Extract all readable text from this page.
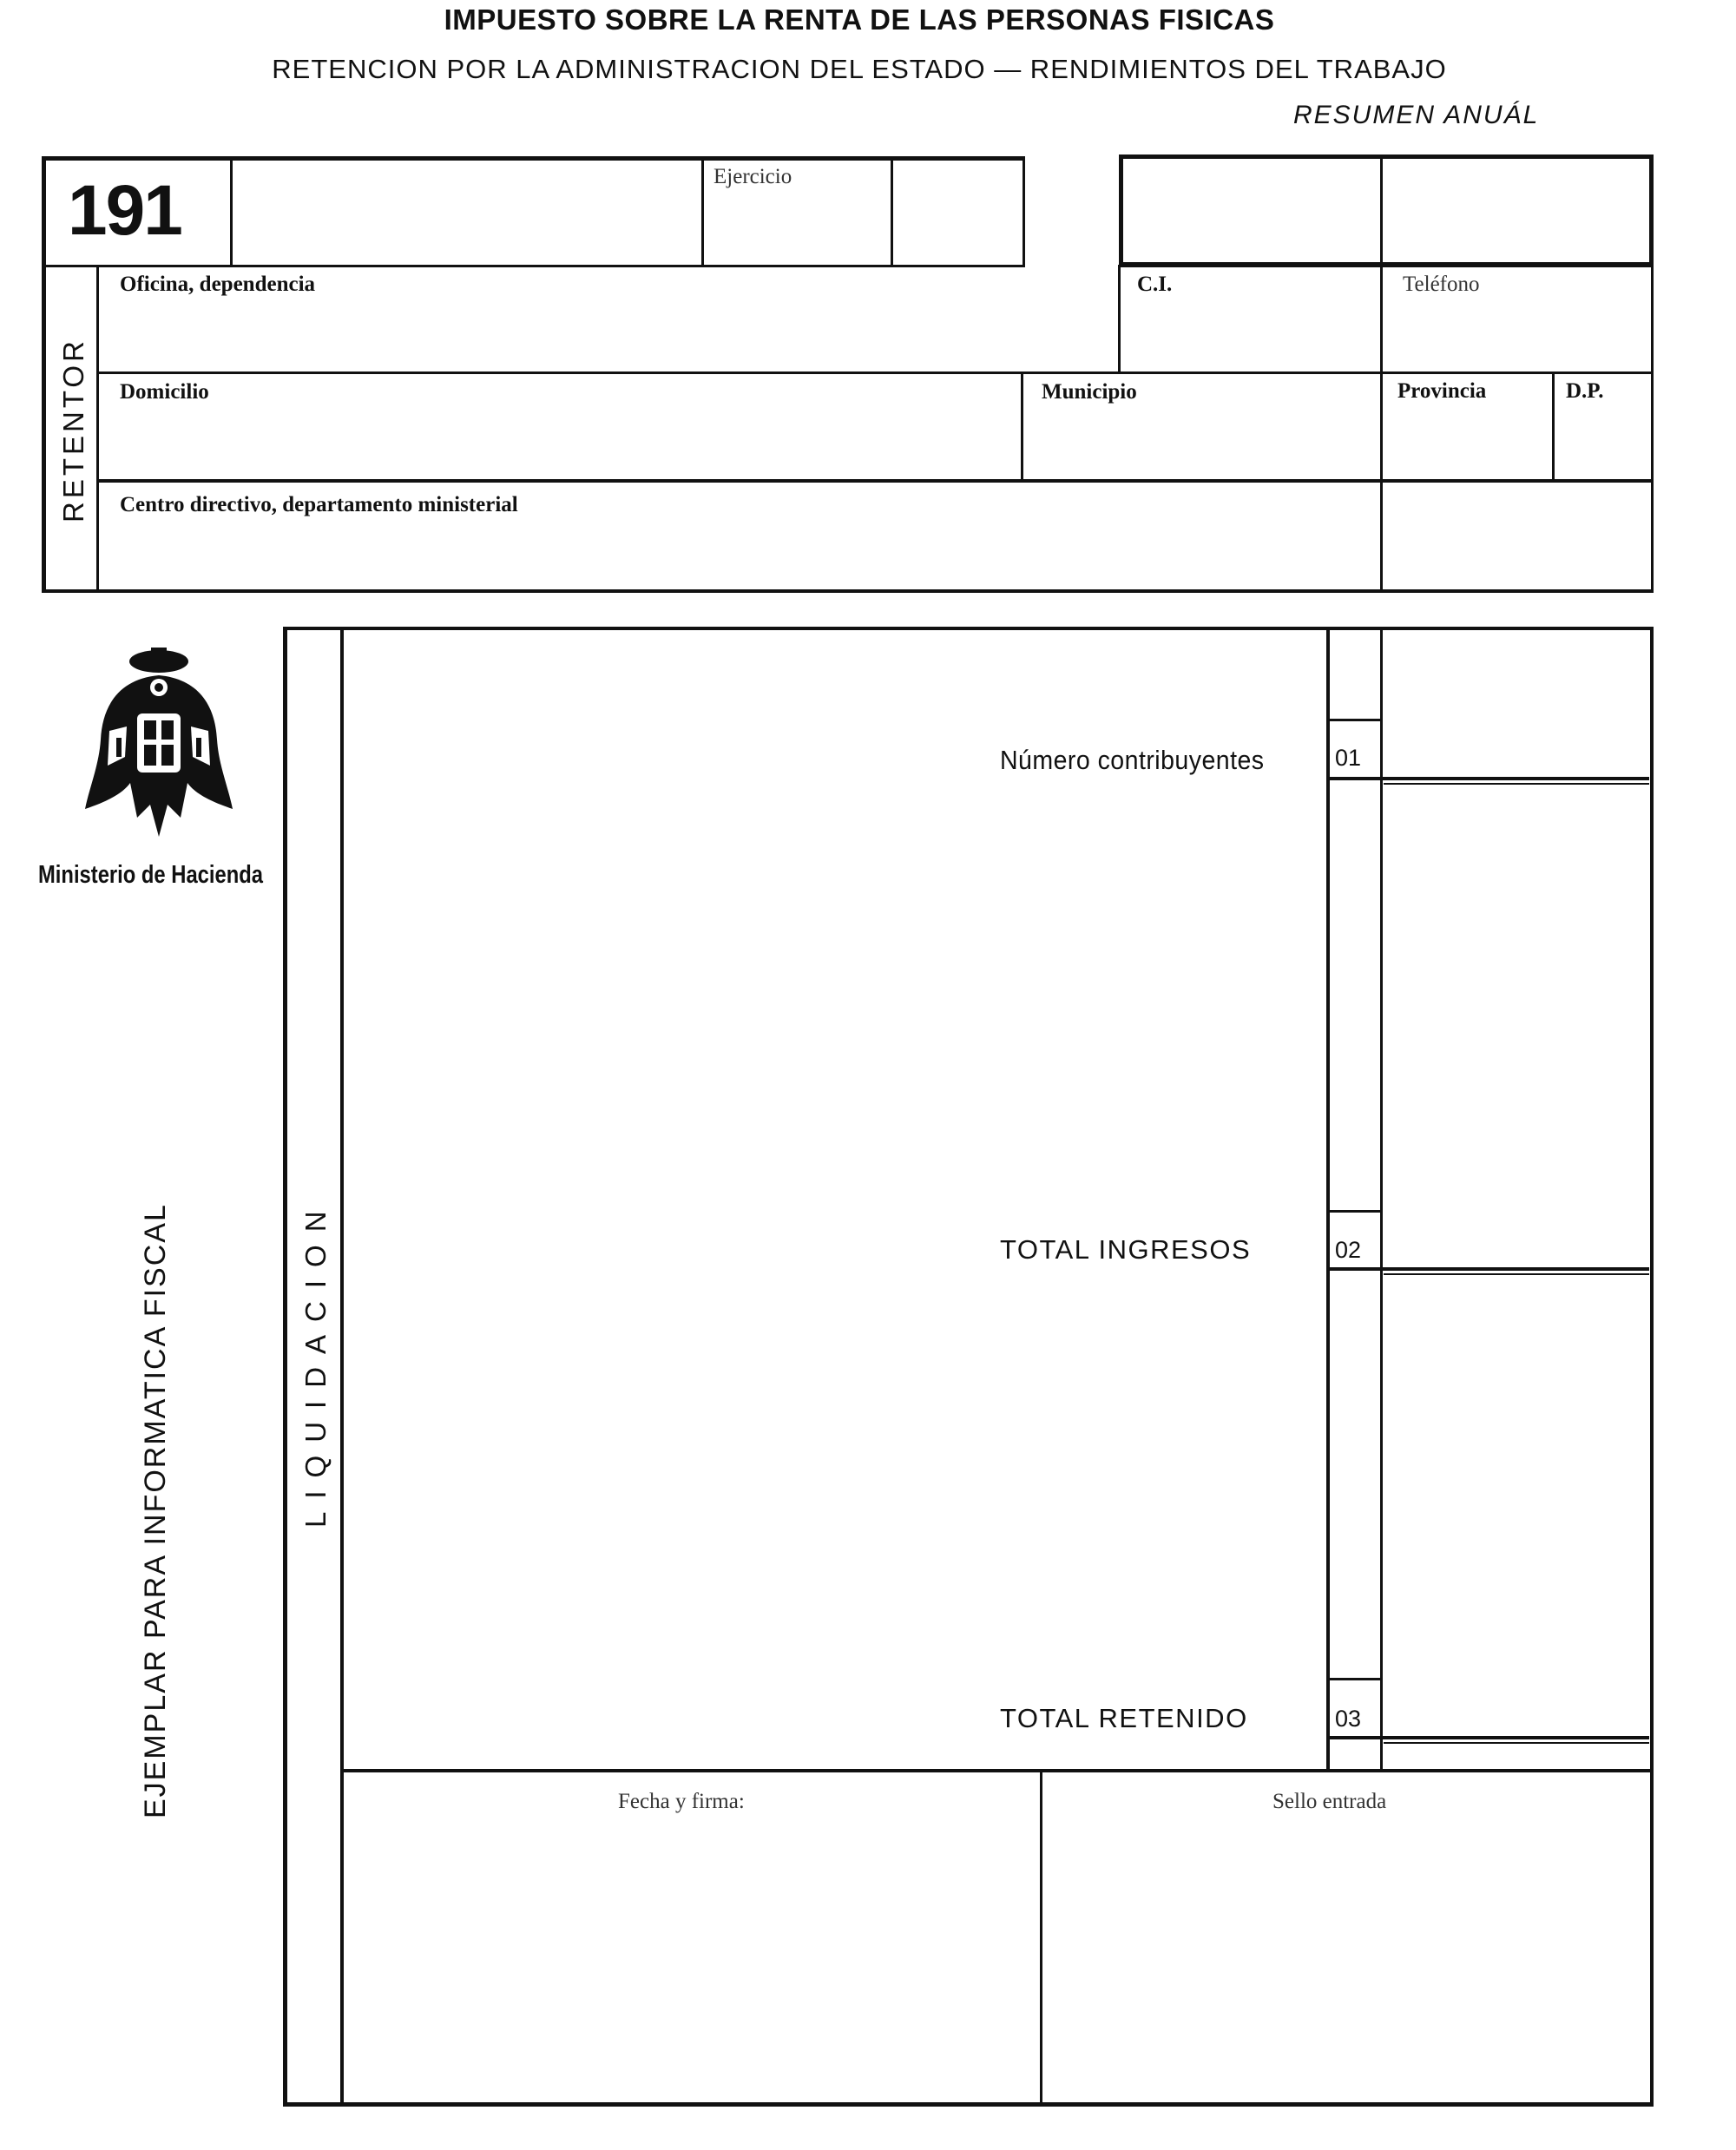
IMPUESTO SOBRE LA RENTA DE LAS PERSONAS FISICAS
RETENCION POR LA ADMINISTRACION DEL ESTADO — RENDIMIENTOS DEL TRABAJO
RESUMEN ANUÁL
191	Ejercicio
RETENTOR
Oficina, dependencia	C.I.	Teléfono
Domicilio	Municipio	Provincia	D.P.
Centro directivo, departamento ministerial
Ministerio de Hacienda
EJEMPLAR PARA INFORMATICA FISCAL	LIQUIDACION
Número contribuyentes	01
TOTAL INGRESOS	02
TOTAL RETENIDO	03
Fecha y firma:	Sello entrada
